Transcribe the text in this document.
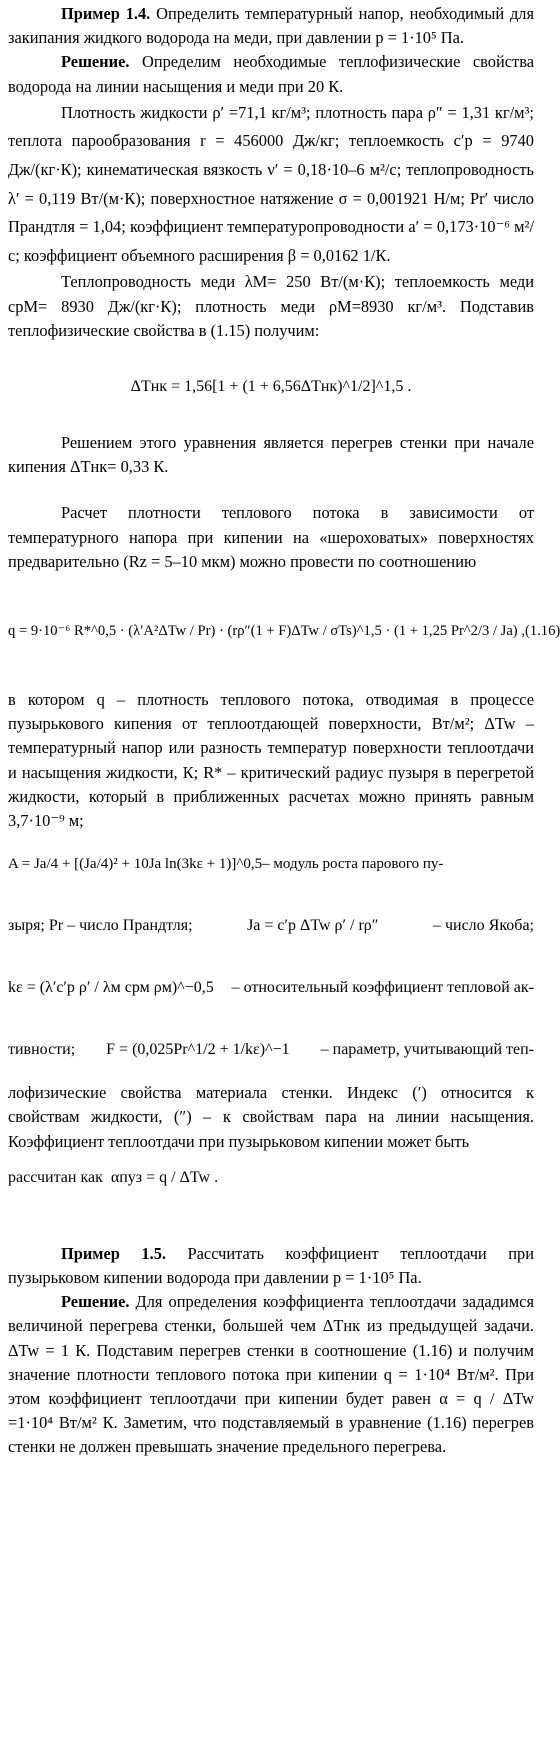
Пример 1.4. Определить температурный напор, необходимый для закипания жидкого водорода на меди, при давлении p = 1·10⁵ Па.

Решение. Определим необходимые теплофизические свойства водорода на линии насыщения и меди при 20 К.

Плотность жидкости ρ′ =71,1 кг/м³; плотность пара ρ″ = 1,31 кг/м³; теплота парообразования r = 456000 Дж/кг; теплоемкость c′p = 9740 Дж/(кг·К); кинематическая вязкость ν′ = 0,18·10–6 м²/с; теплопроводность λ′ = 0,119 Вт/(м·К); поверхностное натяжение σ = 0,001921 Н/м; Pr′ число Прандтля = 1,04; коэффициент температуропроводности a′ = 0,173·10⁻⁶ м²/с; коэффициент объемного расширения β = 0,0162 1/К.

Теплопроводность меди λM= 250 Вт/(м·К); теплоемкость меди cpM= 8930 Дж/(кг·К); плотность меди ρM=8930 кг/м³. Подставив теплофизические свойства в (1.15) получим:

ΔTнк = 1,56[1 + (1 + 6,56ΔTнк)^1/2]^1,5 .

Решением этого уравнения является перегрев стенки при начале кипения ΔTнк= 0,33 К.

Расчет плотности теплового потока в зависимости от температурного напора при кипении на «шероховатых» поверхностях предварительно (Rz = 5–10 мкм) можно провести по соотношению

q = 9·10⁻⁶ R*^0,5 · (λ′A²ΔTw / Pr) · (rρ″(1 + F)ΔTw / σTs)^1,5 · (1 + 1,25 Pr^2/3 / Ja) , (1.16)

в котором q – плотность теплового потока, отводимая в процессе пузырькового кипения от теплоотдающей поверхности, Вт/м²; ΔTw – температурный напор или разность температур поверхности теплоотдачи и насыщения жидкости, К; R* – критический радиус пузыря в перегретой жидкости, который в приближенных расчетах можно принять равным 3,7·10⁻⁹ м;

A = Ja/4 + [(Ja/4)² + 10Ja ln(3kε + 1)]^0,5 – модуль роста парового пу-
зыря; Pr – число Прандтля;	Ja = c′p ΔTw ρ′ / rρ″	– число Якоба;
kε = (λ′c′p ρ′ / λм cрм ρм)^−0,5 – относительный коэффициент тепловой ак-
тивности; F = (0,025Pr^1/2 + 1/kε)^−1 – параметр, учитывающий теп-

лофизические свойства материала стенки. Индекс (′) относится к свойствам жидкости, (″) – к свойствам пара на линии насыщения. Коэффициент теплоотдачи при пузырьковом кипении может быть

рассчитан как αпуз = q / ΔTw .

Пример 1.5. Рассчитать коэффициент теплоотдачи при пузырьковом кипении водорода при давлении p = 1·10⁵ Па.

Решение. Для определения коэффициента теплоотдачи зададимся величиной перегрева стенки, большей чем ΔTнк из предыдущей задачи. ΔTw = 1 К. Подставим перегрев стенки в соотношение (1.16) и получим значение плотности теплового потока при кипении q = 1·10⁴ Вт/м². При этом коэффициент теплоотдачи при кипении будет равен α = q / ΔTw =1·10⁴ Вт/м² К. Заметим, что подставляемый в уравнение (1.16) перегрев стенки не должен превышать значение предельного перегрева.
